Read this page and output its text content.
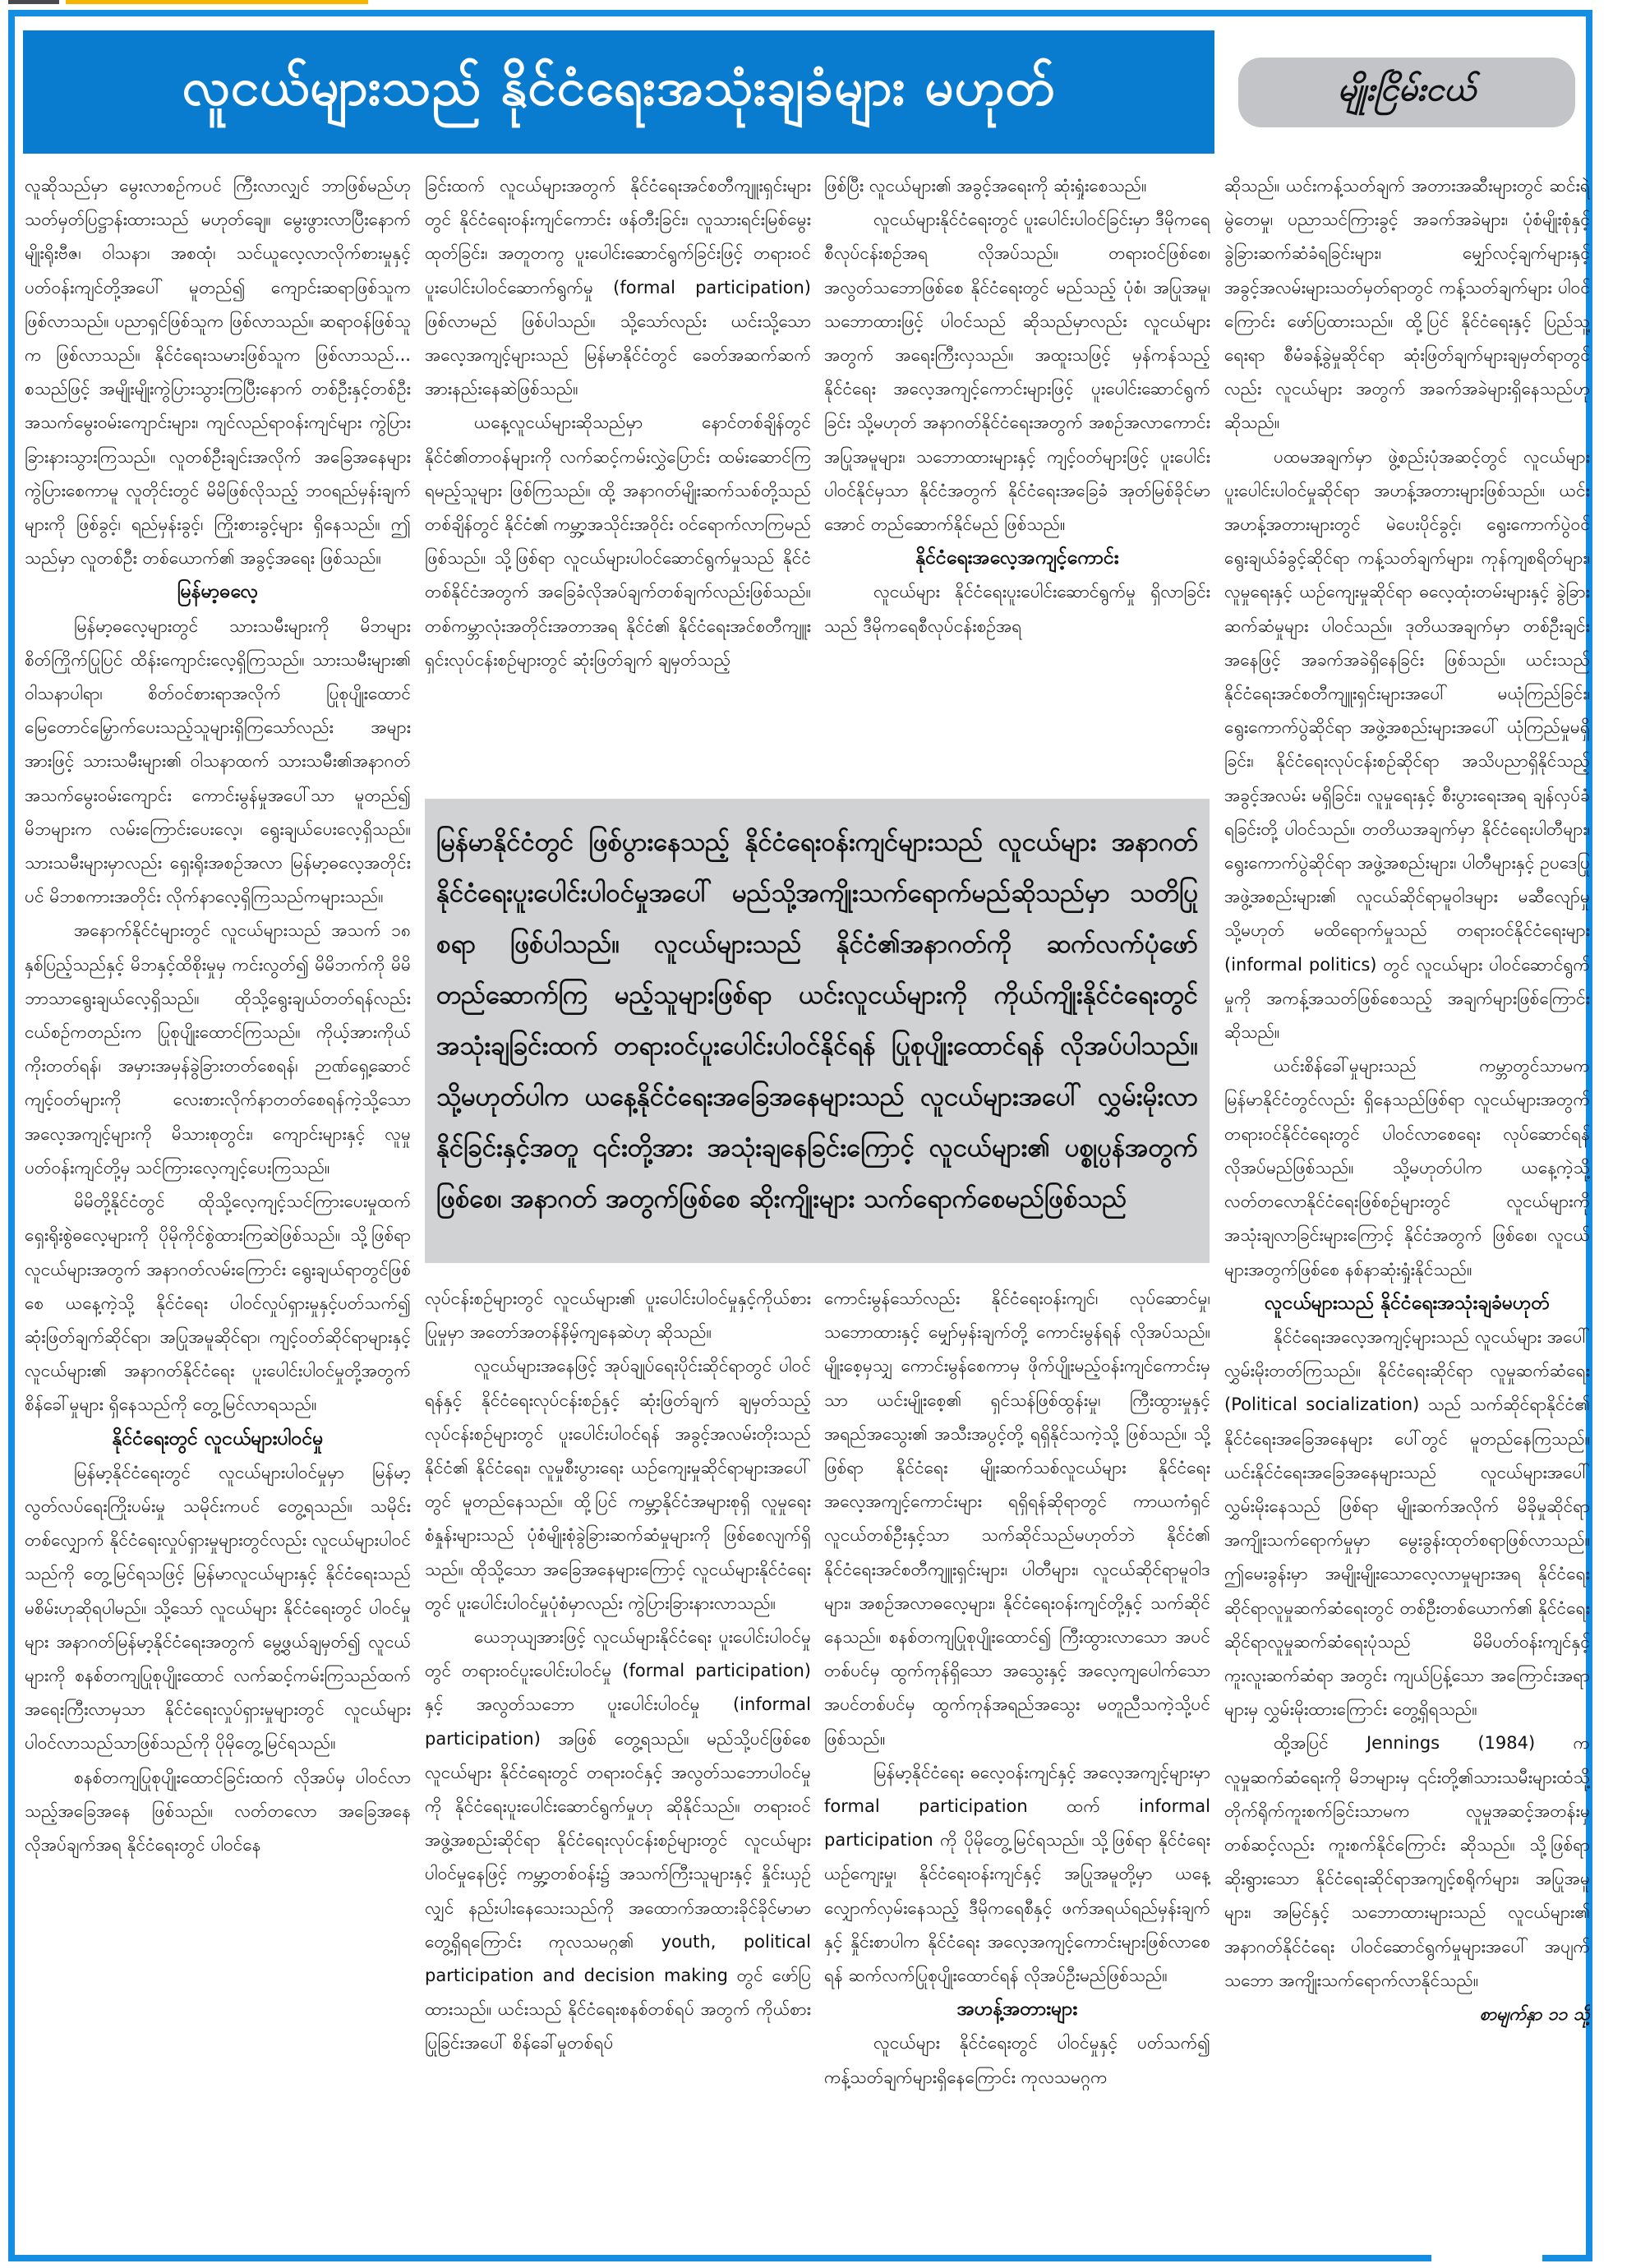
လူငယ်များသည် နိုင်ငံရေးအသုံးချခံများ မဟုတ်	မျိုးငြိမ်းငယ်

လူဆိုသည်မှာ မွေးလာစဉ်ကပင် ကြီးလာလျှင် ဘာဖြစ်မည်ဟု သတ်မှတ်ပြဋ္ဌာန်းထားသည် မဟုတ်ချေ။ မွေးဖွားလာပြီးနောက် မျိုးရိုးဗီဇ၊ ဝါသနာ၊ အစထုံ၊ သင်ယူလေ့လာလိုက်စားမှုနှင့် ပတ်ဝန်းကျင်တို့အပေါ် မူတည်၍ ကျောင်းဆရာဖြစ်သူက ဖြစ်လာသည်။ ပညာရှင်ဖြစ်သူက ဖြစ်လာသည်။ ဆရာဝန်ဖြစ်သူက ဖြစ်လာသည်။ နိုင်ငံရေးသမားဖြစ်သူက ဖြစ်လာသည်... စသည်ဖြင့် အမျိုးမျိုးကွဲပြားသွားကြပြီးနောက် တစ်ဦးနှင့်တစ်ဦး အသက်မွေးဝမ်းကျောင်းများ၊ ကျင်လည်ရာဝန်းကျင်များ ကွဲပြားခြားနားသွားကြသည်။ လူတစ်ဦးချင်းအလိုက် အခြေအနေများ ကွဲပြားစေကာမူ လူတိုင်းတွင် မိမိဖြစ်လိုသည့် ဘဝရည်မှန်းချက်များကို ဖြစ်ခွင့်၊ ရည်မှန်းခွင့်၊ ကြိုးစားခွင့်များ ရှိနေသည်။ ဤသည်မှာ လူတစ်ဦး တစ်ယောက်၏ အခွင့်အရေး ဖြစ်သည်။

မြန်မာ့ဓလေ့

မြန်မာ့ဓလေ့များတွင် သားသမီးများကို မိဘများ စိတ်ကြိုက်ပြုပြင် ထိန်းကျောင်းလေ့ရှိကြသည်။ သားသမီးများ၏ ဝါသနာပါရာ၊ စိတ်ဝင်စားရာအလိုက် ပြုစုပျိုးထောင် မြေတောင်မြှောက်ပေးသည့်သူများရှိကြသော်လည်း အများအားဖြင့် သားသမီးများ၏ ဝါသနာထက် သားသမီး၏အနာဂတ် အသက်မွေးဝမ်းကျောင်း ကောင်းမွန်မှုအပေါ်သာ မူတည်၍ မိဘများက လမ်းကြောင်းပေးလေ့၊ ရွေးချယ်ပေးလေ့ရှိသည်။ သားသမီးများမှာလည်း ရှေးရိုးအစဉ်အလာ မြန်မာ့ဓလေ့အတိုင်းပင် မိဘစကားအတိုင်း လိုက်နာလေ့ရှိကြသည်ကများသည်။

အနောက်နိုင်ငံများတွင် လူငယ်များသည် အသက် ၁၈ နှစ်ပြည့်သည်နှင့် မိဘနှင့်ထိစိုးမှုမှ ကင်းလွတ်၍ မိမိဘက်ကို မိမိဘာသာရွေးချယ်လေ့ရှိသည်။ ထိုသို့ရွေးချယ်တတ်ရန်လည်း ငယ်စဉ်ကတည်းက ပြုစုပျိုးထောင်ကြသည်။ ကိုယ့်အားကိုယ် ကိုးတတ်ရန်၊ အမှားအမှန်ခွဲခြားတတ်စေရန်၊ ဉာဏ်ရှေ့ဆောင် ကျင့်ဝတ်များကို လေးစားလိုက်နာတတ်စေရန်ကဲ့သို့သော အလေ့အကျင့်များကို မိသားစုတွင်း၊ ကျောင်းများနှင့် လူမှုပတ်ဝန်းကျင်တို့မှ သင်ကြားလေ့ကျင့်ပေးကြသည်။

မိမိတို့နိုင်ငံတွင် ထိုသို့လေ့ကျင့်သင်ကြားပေးမှုထက် ရှေးရိုးစွဲဓလေ့များကို ပိုမိုကိုင်စွဲထားကြဆဲဖြစ်သည်။ သို့ဖြစ်ရာ လူငယ်များအတွက် အနာဂတ်လမ်းကြောင်း ရွေးချယ်ရာတွင်ဖြစ်စေ ယနေ့ကဲ့သို့ နိုင်ငံရေး ပါဝင်လှုပ်ရှားမှုနှင့်ပတ်သက်၍ ဆုံးဖြတ်ချက်ဆိုင်ရာ၊ အပြုအမူဆိုင်ရာ၊ ကျင့်ဝတ်ဆိုင်ရာများနှင့် လူငယ်များ၏ အနာဂတ်နိုင်ငံရေး ပူးပေါင်းပါဝင်မှုတို့အတွက် စိန်ခေါ်မှုများ ရှိနေသည်ကို တွေ့မြင်လာရသည်။

နိုင်ငံရေးတွင် လူငယ်များပါဝင်မှု

မြန်မာ့နိုင်ငံရေးတွင် လူငယ်များပါဝင်မှုမှာ မြန်မာ့လွတ်လပ်ရေးကြိုးပမ်းမှု သမိုင်းကပင် တွေ့ရသည်။ သမိုင်းတစ်လျှောက် နိုင်ငံရေးလှုပ်ရှားမှုများတွင်လည်း လူငယ်များပါဝင်သည်ကို တွေ့မြင်ရသဖြင့် မြန်မာလူငယ်များနှင့် နိုင်ငံရေးသည် မစိမ်းဟုဆိုရပါမည်။ သို့သော် လူငယ်များ နိုင်ငံရေးတွင် ပါဝင်မှုများ အနာဂတ်မြန်မာ့နိုင်ငံရေးအတွက် မွေ့ဖွယ်ချမှတ်၍ လူငယ်များကို စနစ်တကျပြုစုပျိုးထောင် လက်ဆင့်ကမ်းကြသည်ထက် အရေးကြီးလာမှသာ နိုင်ငံရေးလှုပ်ရှားမှုများတွင် လူငယ်များ ပါဝင်လာသည်သာဖြစ်သည်ကို ပိုမိုတွေ့မြင်ရသည်။

စနစ်တကျပြုစုပျိုးထောင်ခြင်းထက် လိုအပ်မှ ပါဝင်လာသည့်အခြေအနေ ဖြစ်သည်။ လတ်တလော အခြေအနေလိုအပ်ချက်အရ နိုင်ငံရေးတွင် ပါဝင်နေ

ခြင်းထက် လူငယ်များအတွက် နိုင်ငံရေးအင်စတီကျူးရှင်းများတွင် နိုင်ငံရေးဝန်းကျင်ကောင်း ဖန်တီးခြင်း၊ လူသားရင်းမြစ်မွေးထုတ်ခြင်း၊ အတူတကွ ပူးပေါင်းဆောင်ရွက်ခြင်းဖြင့် တရားဝင်ပူးပေါင်းပါဝင်ဆောက်ရွက်မှု (formal participation) ဖြစ်လာမည် ဖြစ်ပါသည်။ သို့သော်လည်း ယင်းသို့သော အလေ့အကျင့်များသည် မြန်မာနိုင်ငံတွင် ခေတ်အဆက်ဆက် အားနည်းနေဆဲဖြစ်သည်။

ယနေ့လူငယ်များဆိုသည်မှာ နောင်တစ်ချိန်တွင်နိုင်ငံ၏တာဝန်များကို လက်ဆင့်ကမ်းလွှဲပြောင်း ထမ်းဆောင်ကြရမည့်သူများ ဖြစ်ကြသည်။ ထို့ အနာဂတ်မျိုးဆက်သစ်တို့သည် တစ်ချိန်တွင် နိုင်ငံ၏ ကမ္ဘာ့အသိုင်းအဝိုင်း ဝင်ရောက်လာကြမည်ဖြစ်သည်။ သို့ဖြစ်ရာ လူငယ်များပါဝင်ဆောင်ရွက်မှုသည် နိုင်ငံတစ်နိုင်ငံအတွက် အခြေခံလိုအပ်ချက်တစ်ချက်လည်းဖြစ်သည်။ တစ်ကမ္ဘာလုံးအတိုင်းအတာအရ နိုင်ငံ၏ နိုင်ငံရေးအင်စတီကျူးရှင်းလုပ်ငန်းစဉ်များတွင် ဆုံးဖြတ်ချက် ချမှတ်သည့်

ဖြစ်ပြီး လူငယ်များ၏ အခွင့်အရေးကို ဆုံးရှုံးစေသည်။

လူငယ်များနိုင်ငံရေးတွင် ပူးပေါင်းပါဝင်ခြင်းမှာ ဒီမိုကရေစီလုပ်ငန်းစဉ်အရ လိုအပ်သည်။ တရားဝင်ဖြစ်စေ၊ အလွတ်သဘောဖြစ်စေ နိုင်ငံရေးတွင် မည်သည့် ပုံစံ၊ အပြုအမူ၊ သဘောထားဖြင့် ပါဝင်သည် ဆိုသည်မှာလည်း လူငယ်များအတွက် အရေးကြီးလှသည်။ အထူးသဖြင့် မှန်ကန်သည့် နိုင်ငံရေး အလေ့အကျင့်ကောင်းများဖြင့် ပူးပေါင်းဆောင်ရွက်ခြင်း သို့မဟုတ် အနာဂတ်နိုင်ငံရေးအတွက် အစဉ်အလာကောင်း အပြုအမူများ၊ သဘောထားများနှင့် ကျင့်ဝတ်များဖြင့် ပူးပေါင်းပါဝင်နိုင်မှသာ နိုင်ငံအတွက် နိုင်ငံရေးအခြေခံ အုတ်မြစ်ခိုင်မာအောင် တည်ဆောက်နိုင်မည် ဖြစ်သည်။

နိုင်ငံရေးအလေ့အကျင့်ကောင်း

လူငယ်များ နိုင်ငံရေးပူးပေါင်းဆောင်ရွက်မှု ရှိလာခြင်းသည် ဒီမိုကရေစီလုပ်ငန်းစဉ်အရ

မြန်မာနိုင်ငံတွင် ဖြစ်ပွားနေသည့် နိုင်ငံရေးဝန်းကျင်များသည် လူငယ်များ အနာဂတ် နိုင်ငံရေးပူးပေါင်းပါဝင်မှုအပေါ် မည်သို့အကျိုးသက်ရောက်မည်ဆိုသည်မှာ သတိပြုစရာ ဖြစ်ပါသည်။ လူငယ်များသည် နိုင်ငံ၏အနာဂတ်ကို ဆက်လက်ပုံဖော်တည်ဆောက်ကြ မည့်သူများဖြစ်ရာ ယင်းလူငယ်များကို ကိုယ်ကျိုးနိုင်ငံရေးတွင် အသုံးချခြင်းထက် တရားဝင်ပူးပေါင်းပါဝင်နိုင်ရန် ပြုစုပျိုးထောင်ရန် လိုအပ်ပါသည်။ သို့မဟုတ်ပါက ယနေ့နိုင်ငံရေးအခြေအနေများသည် လူငယ်များအပေါ် လွှမ်းမိုးလာနိုင်ခြင်းနှင့်အတူ ၎င်းတို့အား အသုံးချနေခြင်းကြောင့် လူငယ်များ၏ ပစ္စုပ္ပန်အတွက်ဖြစ်စေ၊ အနာဂတ် အတွက်ဖြစ်စေ ဆိုးကျိုးများ သက်ရောက်စေမည်ဖြစ်သည်

လုပ်ငန်းစဉ်များတွင် လူငယ်များ၏ ပူးပေါင်းပါဝင်မှုနှင့်ကိုယ်စားပြုမှုမှာ အတော်အတန်နိမ့်ကျနေဆဲဟု ဆိုသည်။

လူငယ်များအနေဖြင့် အုပ်ချုပ်ရေးပိုင်းဆိုင်ရာတွင် ပါဝင်ရန်နှင့် နိုင်ငံရေးလုပ်ငန်းစဉ်နှင့် ဆုံးဖြတ်ချက် ချမှတ်သည့်လုပ်ငန်းစဉ်များတွင် ပူးပေါင်းပါဝင်ရန် အခွင့်အလမ်းတိုးသည် နိုင်ငံ၏ နိုင်ငံရေး၊ လူမှုစီးပွားရေး ယဉ်ကျေးမှုဆိုင်ရာများအပေါ်တွင် မူတည်နေသည်။ ထို့ပြင် ကမ္ဘာ့နိုင်ငံအများစုရှိ လူမှုရေးစံနှုန်းများသည် ပုံစံမျိုးစုံခွဲခြားဆက်ဆံမှုများကို ဖြစ်စေလျက်ရှိသည်။ ထိုသို့သော အခြေအနေများကြောင့် လူငယ်များနိုင်ငံရေးတွင် ပူးပေါင်းပါဝင်မှုပုံစံမှာလည်း ကွဲပြားခြားနားလာသည်။

ယေဘုယျအားဖြင့် လူငယ်များနိုင်ငံရေး ပူးပေါင်းပါဝင်မှုတွင် တရားဝင်ပူးပေါင်းပါဝင်မှု (formal participation) နှင့် အလွတ်သဘော ပူးပေါင်းပါဝင်မှု (informal participation) အဖြစ် တွေ့ရသည်။ မည်သို့ပင်ဖြစ်စေ လူငယ်များ နိုင်ငံရေးတွင် တရားဝင်နှင့် အလွတ်သဘောပါဝင်မှုကို နိုင်ငံရေးပူးပေါင်းဆောင်ရွက်မှုဟု ဆိုနိုင်သည်။ တရားဝင်အဖွဲ့အစည်းဆိုင်ရာ နိုင်ငံရေးလုပ်ငန်းစဉ်များတွင် လူငယ်များပါဝင်မှုနေဖြင့် ကမ္ဘာ့တစ်ဝန်း၌ အသက်ကြီးသူများနှင့် နှိုင်းယှဉ်လျှင် နည်းပါးနေသေးသည်ကို အထောက်အထားခိုင်ခိုင်မာမာ တွေ့ရှိရကြောင်း ကုလသမဂ္ဂ၏ youth, political participation and decision making တွင် ဖော်ပြထားသည်။ ယင်းသည် နိုင်ငံရေးစနစ်တစ်ရပ် အတွက် ကိုယ်စားပြုခြင်းအပေါ် စိန်ခေါ်မှုတစ်ရပ်

ကောင်းမွန်သော်လည်း နိုင်ငံရေးဝန်းကျင်၊ လုပ်ဆောင်မှု၊ သဘောထားနှင့် မျှော်မှန်းချက်တို့ ကောင်းမွန်ရန် လိုအပ်သည်။ မျိုးစေ့မှသျှ ကောင်းမွန်စေကာမှ ဖိုက်ပျိုးမည့်ဝန်းကျင်ကောင်းမှသာ ယင်းမျိုးစေ့၏ ရှင်သန်ဖြစ်ထွန်းမှု၊ ကြီးထွားမှုနှင့် အရည်အသွေး၏ အသီးအပွင့်တို့ ရရှိနိုင်သကဲ့သို့ ဖြစ်သည်။ သို့ဖြစ်ရာ နိုင်ငံရေး မျိုးဆက်သစ်လူငယ်များ နိုင်ငံရေးအလေ့အကျင့်ကောင်းများ ရရှိရန်ဆိုရာတွင် ကာယကံရှင် လူငယ်တစ်ဦးနှင့်သာ သက်ဆိုင်သည်မဟုတ်ဘဲ နိုင်ငံ၏ နိုင်ငံရေးအင်စတီကျူးရှင်းများ၊ ပါတီများ၊ လူငယ်ဆိုင်ရာမူဝါဒများ၊ အစဉ်အလာဓလေ့များ၊ နိုင်ငံရေးဝန်းကျင်တို့နှင့် သက်ဆိုင်နေသည်။ စနစ်တကျပြုစုပျိုးထောင်၍ ကြီးထွားလာသော အပင်တစ်ပင်မှ ထွက်ကုန်ရှိသော အသွေးနှင့် အလေ့ကျပေါက်သော အပင်တစ်ပင်မှ ထွက်ကုန်အရည်အသွေး မတူညီသကဲ့သို့ပင် ဖြစ်သည်။

မြန်မာ့နိုင်ငံရေး ဓလေ့ဝန်းကျင်နှင့် အလေ့အကျင့်များမှာ formal participation ထက် informal participation ကို ပိုမိုတွေ့မြင်ရသည်။ သို့ဖြစ်ရာ နိုင်ငံရေးယဉ်ကျေးမှု၊ နိုင်ငံရေးဝန်းကျင်နှင့် အပြုအမူတို့မှာ ယနေ့လျှောက်လှမ်းနေသည့် ဒီမိုကရေစီနှင့် ဖက်အရယ်ရည်မှန်းချက်နှင့် နှိုင်းစာပါက နိုင်ငံရေး အလေ့အကျင့်ကောင်းများဖြစ်လာစေရန် ဆက်လက်ပြုစုပျိုးထောင်ရန် လိုအပ်ဦးမည်ဖြစ်သည်။

အဟန့်အတားများ

လူငယ်များ နိုင်ငံရေးတွင် ပါဝင်မှုနှင့် ပတ်သက်၍ ကန့်သတ်ချက်များရှိနေကြောင်း ကုလသမဂ္ဂက

ဆိုသည်။ ယင်းကန့်သတ်ချက် အတားအဆီးများတွင် ဆင်းရဲမွဲတေမှု၊ ပညာသင်ကြားခွင့် အခက်အခဲများ၊ ပုံစံမျိုးစုံနှင့် ခွဲခြားဆက်ဆံခံရခြင်းများ၊ မျှော်လင့်ချက်များနှင့် အခွင့်အလမ်းများသတ်မှတ်ရာတွင် ကန့်သတ်ချက်များ ပါဝင်ကြောင်း ဖော်ပြထားသည်။ ထို့ပြင် နိုင်ငံရေးနှင့် ပြည်သူ့ရေးရာ စီမံခန့်ခွဲမှုဆိုင်ရာ ဆုံးဖြတ်ချက်များချမှတ်ရာတွင်လည်း လူငယ်များ အတွက် အခက်အခဲများရှိနေသည်ဟု ဆိုသည်။

ပထမအချက်မှာ ဖွဲ့စည်းပုံအဆင့်တွင် လူငယ်များ ပူးပေါင်းပါဝင်မှုဆိုင်ရာ အဟန့်အတားများဖြစ်သည်။ ယင်းအဟန့်အတားများတွင် မဲပေးပိုင်ခွင့်၊ ရွေးကောက်ပွဲဝင်ရွေးချယ်ခံခွင့်ဆိုင်ရာ ကန့်သတ်ချက်များ၊ ကုန်ကျစရိတ်များ၊ လူမှုရေးနှင့် ယဉ်ကျေးမှုဆိုင်ရာ ဓလေ့ထုံးတမ်းများနှင့် ခွဲခြားဆက်ဆံမှုများ ပါဝင်သည်။ ဒုတိယအချက်မှာ တစ်ဦးချင်းအနေဖြင့် အခက်အခဲရှိနေခြင်း ဖြစ်သည်။ ယင်းသည် နိုင်ငံရေးအင်စတီကျူးရှင်းများအပေါ် မယုံကြည်ခြင်း၊ ရွေးကောက်ပွဲဆိုင်ရာ အဖွဲ့အစည်းများအပေါ် ယုံကြည်မှုမရှိခြင်း၊ နိုင်ငံရေးလုပ်ငန်းစဉ်ဆိုင်ရာ အသိပညာရှိနိုင်သည့် အခွင့်အလမ်း မရှိခြင်း၊ လူမှုရေးနှင့် စီးပွားရေးအရ ချန်လှပ်ခံရခြင်းတို့ ပါဝင်သည်။ တတိယအချက်မှာ နိုင်ငံရေးပါတီများ၊ ရွေးကောက်ပွဲဆိုင်ရာ အဖွဲ့အစည်းများ၊ ပါတီများနှင့် ဥပဒေပြုအဖွဲ့အစည်းများ၏ လူငယ်ဆိုင်ရာမူဝါဒများ မဆီလျော်မှု သို့မဟုတ် မထိရောက်မှုသည် တရားဝင်နိုင်ငံရေးများ (informal politics) တွင် လူငယ်များ ပါဝင်ဆောင်ရွက်မှုကို အကန့်အသတ်ဖြစ်စေသည့် အချက်များဖြစ်ကြောင်း ဆိုသည်။

ယင်းစိန်ခေါ်မှုများသည် ကမ္ဘာတွင်သာမက မြန်မာနိုင်ငံတွင်လည်း ရှိနေသည်ဖြစ်ရာ လူငယ်များအတွက် တရားဝင်နိုင်ငံရေးတွင် ပါဝင်လာစေရေး လုပ်ဆောင်ရန် လိုအပ်မည်ဖြစ်သည်။ သို့မဟုတ်ပါက ယနေ့ကဲ့သို့ လတ်တလောနိုင်ငံရေးဖြစ်စဉ်များတွင် လူငယ်များကို အသုံးချလာခြင်းများကြောင့် နိုင်ငံအတွက် ဖြစ်စေ၊ လူငယ်များအတွက်ဖြစ်စေ နစ်နာဆုံးရှုံးနိုင်သည်။

လူငယ်များသည် နိုင်ငံရေးအသုံးချခံမဟုတ်

နိုင်ငံရေးအလေ့အကျင့်များသည် လူငယ်များ အပေါ် လွှမ်းမိုးတတ်ကြသည်။ နိုင်ငံရေးဆိုင်ရာ လူမှုဆက်ဆံရေး (Political socialization) သည် သက်ဆိုင်ရာနိုင်ငံ၏ နိုင်ငံရေးအခြေအနေများ ပေါ်တွင် မူတည်နေကြသည်။ ယင်းနိုင်ငံရေးအခြေအနေများသည် လူငယ်များအပေါ် လွှမ်းမိုးနေသည် ဖြစ်ရာ မျိုးဆက်အလိုက် မိခိုမှုဆိုင်ရာအကျိုးသက်ရောက်မှုမှာ မွေးခွန်းထုတ်စရာဖြစ်လာသည်။ ဤမေးခွန်းမှာ အမျိုးမျိုးသောလေ့လာမှုများအရ နိုင်ငံရေးဆိုင်ရာလူမှုဆက်ဆံရေးတွင် တစ်ဦးတစ်ယောက်၏ နိုင်ငံရေးဆိုင်ရာလူမှုဆက်ဆံရေးပုံသည် မိမိပတ်ဝန်းကျင်နှင့် ကူးလူးဆက်ဆံရာ အတွင်း ကျယ်ပြန့်သော အကြောင်းအရာများမှ လွှမ်းမိုးထားကြောင်း တွေ့ရှိရသည်။

ထို့အပြင် Jennings (1984) က လူမှုဆက်ဆံရေးကို မိဘများမှ ၎င်းတို့၏သားသမီးများထံသို့ တိုက်ရိုက်ကူးစက်ခြင်းသာမက လူမှုအဆင့်အတန်းမှတစ်ဆင့်လည်း ကူးစက်နိုင်ကြောင်း ဆိုသည်။ သို့ဖြစ်ရာ ဆိုးရွားသော နိုင်ငံရေးဆိုင်ရာအကျင့်စရိုက်များ၊ အပြုအမူများ၊ အမြင်နှင့် သဘောထားများသည် လူငယ်များ၏ အနာဂတ်နိုင်ငံရေး ပါဝင်ဆောင်ရွက်မှုများအပေါ် အပျက်သဘော အကျိုးသက်ရောက်လာနိုင်သည်။

စာမျက်နှာ ၁၁ သို့
